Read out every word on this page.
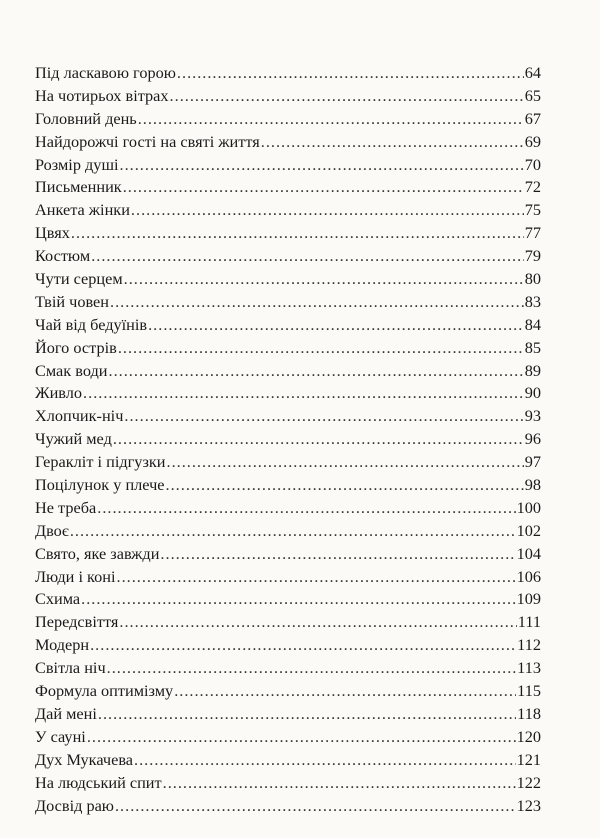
Під ласкавою горою .....	64
На чотирьох вітрах .....	65
Головний день .....	67
Найдорожчі гості на святі життя .....	69
Розмір душі .....	70
Письменник .....	72
Анкета жінки .....	75
Цвях .....	77
Костюм .....	79
Чути серцем .....	80
Твій човен .....	83
Чай від бедуїнів .....	84
Його острів .....	85
Смак води .....	89
Живло .....	90
Хлопчик-ніч .....	93
Чужий мед .....	96
Геракліт і підгузки .....	97
Поцілунок у плече .....	98
Не треба .....	100
Двоє .....	102
Свято, яке завжди .....	104
Люди і коні .....	106
Схима .....	109
Передсвіття .....	111
Модерн .....	112
Світла ніч .....	113
Формула оптимізму .....	115
Дай мені .....	118
У сауні .....	120
Дух Мукачева .....	121
На людський спит .....	122
Досвід раю .....	123
